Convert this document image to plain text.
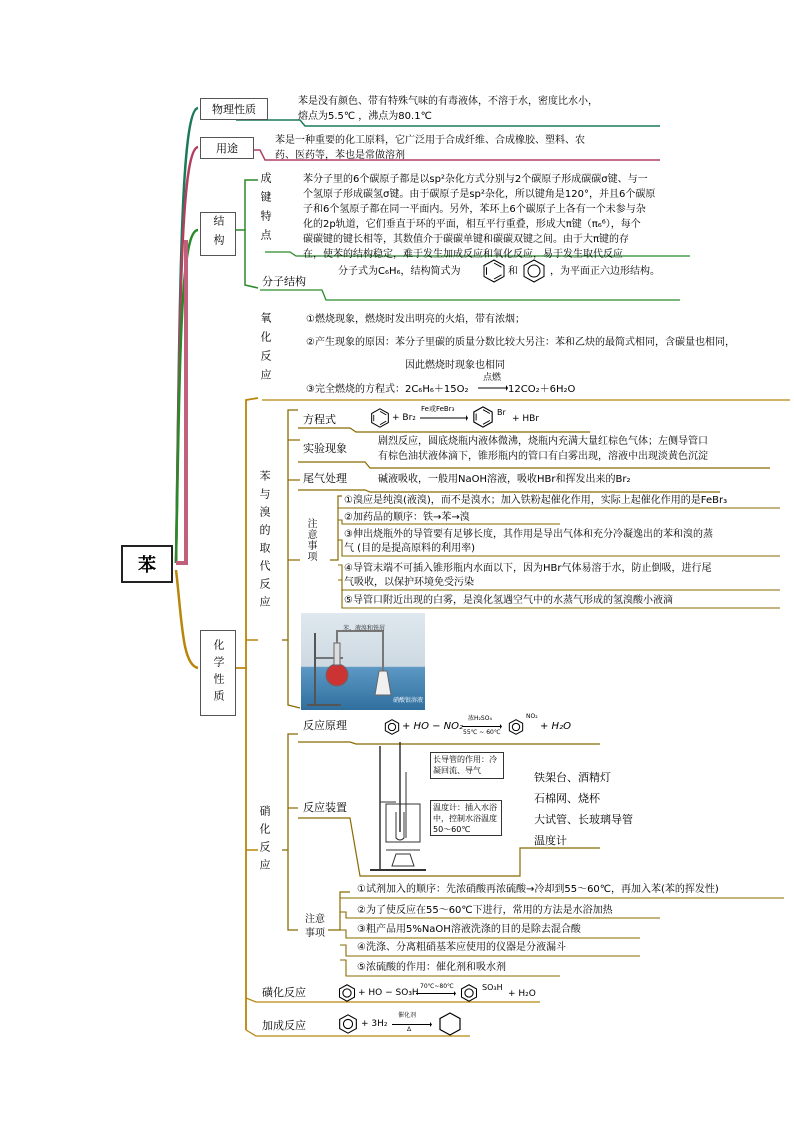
苯
物理性质
苯是没有颜色、带有特殊气味的有毒液体，不溶于水，密度比水小，
熔点为5.5℃ ，沸点为80.1℃
用途
苯是一种重要的化工原料，它广泛用于合成纤维、合成橡胶、塑料、农
药、医药等，苯也是常做溶剂
结构	成键特点	苯分子里的6个碳原子都是以sp²杂化方式分别与2个碳原子形成碳碳σ键、与一
个氢原子形成碳氢σ键。由于碳原子是sp²杂化，所以键角是120°，并且6个碳原
子和6个氢原子都在同一平面内。另外，苯环上6个碳原子上各有一个未参与杂
化的2p轨道，它们垂直于环的平面，相互平行重叠，形成大π键（π₆⁶），每个
碳碳键的键长相等，其数值介于碳碳单键和碳碳双键之间。由于大π键的存
在，使苯的结构稳定，难于发生加成反应和氧化反应，易于发生取代反应
分子结构
分子式为C₆H₆，结构简式为	和	，为平面正六边形结构。
化学性质
氧化反应	①燃烧现象，燃烧时发出明亮的火焰，带有浓烟；
②产生现象的原因：苯分子里碳的质量分数比较大另注：苯和乙炔的最简式相同，含碳量也相同，
因此燃烧时现象也相同
③完全燃烧的方程式：2C₆H₆＋15O₂
点燃
→ 12CO₂＋6H₂O
苯与溴的取代反应
方程式	+ Br₂
Fe或FeBr₃	Br
+ HBr
实验现象
剧烈反应，圆底烧瓶内液体微沸，烧瓶内充满大量红棕色气体；左侧导管口
有棕色油状液体滴下，锥形瓶内的管口有白雾出现，溶液中出现淡黄色沉淀
尾气处理	碱液吸收，一般用NaOH溶液，吸收HBr和挥发出来的Br₂
注意事项
①溴应是纯溴(液溴)，而不是溴水；加入铁粉起催化作用，实际上起催化作用的是FeBr₃
②加药品的顺序：铁→苯→溴
③伸出烧瓶外的导管要有足够长度，其作用是导出气体和充分冷凝逸出的苯和溴的蒸
气 (目的是提高原料的利用率)
④导管末端不可插入锥形瓶内水面以下，因为HBr气体易溶于水，防止倒吸，进行尾
气吸收，以保护环境免受污染
⑤导管口附近出现的白雾，是溴化氢遇空气中的水蒸气形成的氢溴酸小液滴
苯、液溴和铁屑
硝酸银溶液
硝化反应
反应原理	+ HO − NO₂
浓H₂SO₄
55℃ ~ 60℃
NO₂
+ H₂O
反应装置
长导管的作用：冷凝回流、导气
温度计：插入水浴中，控制水浴温度50～60℃
铁架台、酒精灯
石棉网、烧杯
大试管、长玻璃导管
温度计
注意事项
①试剂加入的顺序：先浓硝酸再浓硫酸→冷却到55～60℃，再加入苯(苯的挥发性)
②为了使反应在55～60℃下进行，常用的方法是水浴加热
③粗产品用5%NaOH溶液洗涤的目的是除去混合酸
④洗涤、分离粗硝基苯应使用的仪器是分液漏斗
⑤浓硫酸的作用：催化剂和吸水剂
磺化反应	+ HO − SO₃H
70℃~80℃	SO₃H
+ H₂O
加成反应	+ 3H₂
催化剂
Δ
